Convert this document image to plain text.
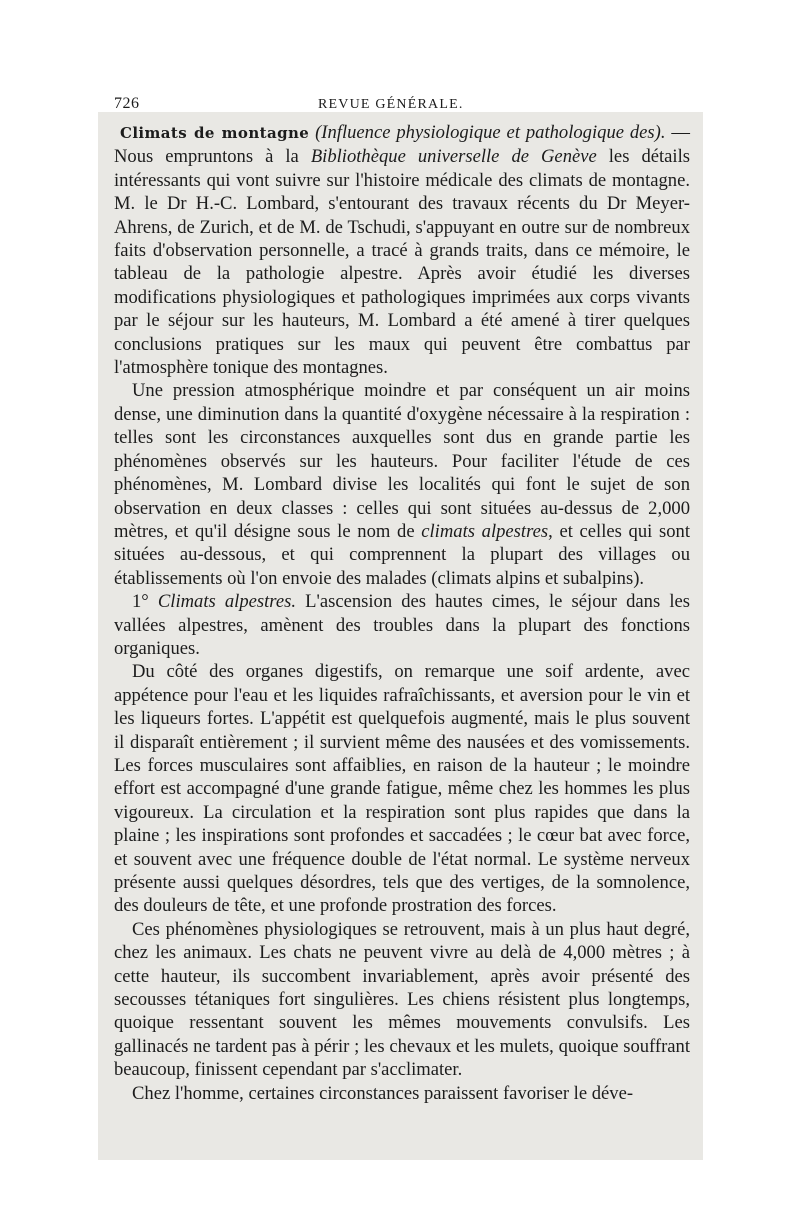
726	REVUE GÉNÉRALE.

Climats de montagne (Influence physiologique et pathologique des). — Nous empruntons à la Bibliothèque universelle de Genève les détails intéressants qui vont suivre sur l'histoire médicale des climats de montagne. M. le Dr H.-C. Lombard, s'entourant des travaux récents du Dr Meyer-Ahrens, de Zurich, et de M. de Tschudi, s'appuyant en outre sur de nombreux faits d'observation personnelle, a tracé à grands traits, dans ce mémoire, le tableau de la pathologie alpestre. Après avoir étudié les diverses modifications physiologiques et pathologiques imprimées aux corps vivants par le séjour sur les hauteurs, M. Lombard a été amené à tirer quelques conclusions pratiques sur les maux qui peuvent être combattus par l'atmosphère tonique des montagnes.

Une pression atmosphérique moindre et par conséquent un air moins dense, une diminution dans la quantité d'oxygène nécessaire à la respiration : telles sont les circonstances auxquelles sont dus en grande partie les phénomènes observés sur les hauteurs. Pour faciliter l'étude de ces phénomènes, M. Lombard divise les localités qui font le sujet de son observation en deux classes : celles qui sont situées au-dessus de 2,000 mètres, et qu'il désigne sous le nom de climats alpestres, et celles qui sont situées au-dessous, et qui comprennent la plupart des villages ou établissements où l'on envoie des malades (climats alpins et subalpins).

1° Climats alpestres. L'ascension des hautes cimes, le séjour dans les vallées alpestres, amènent des troubles dans la plupart des fonctions organiques.

Du côté des organes digestifs, on remarque une soif ardente, avec appétence pour l'eau et les liquides rafraîchissants, et aversion pour le vin et les liqueurs fortes. L'appétit est quelquefois augmenté, mais le plus souvent il disparaît entièrement ; il survient même des nausées et des vomissements. Les forces musculaires sont affaiblies, en raison de la hauteur ; le moindre effort est accompagné d'une grande fatigue, même chez les hommes les plus vigoureux. La circulation et la respiration sont plus rapides que dans la plaine ; les inspirations sont profondes et saccadées ; le cœur bat avec force, et souvent avec une fréquence double de l'état normal. Le système nerveux présente aussi quelques désordres, tels que des vertiges, de la somnolence, des douleurs de tête, et une profonde prostration des forces.

Ces phénomènes physiologiques se retrouvent, mais à un plus haut degré, chez les animaux. Les chats ne peuvent vivre au delà de 4,000 mètres ; à cette hauteur, ils succombent invariablement, après avoir présenté des secousses tétaniques fort singulières. Les chiens résistent plus longtemps, quoique ressentant souvent les mêmes mouvements convulsifs. Les gallinacés ne tardent pas à périr ; les chevaux et les mulets, quoique souffrant beaucoup, finissent cependant par s'acclimater.

Chez l'homme, certaines circonstances paraissent favoriser le déve-
